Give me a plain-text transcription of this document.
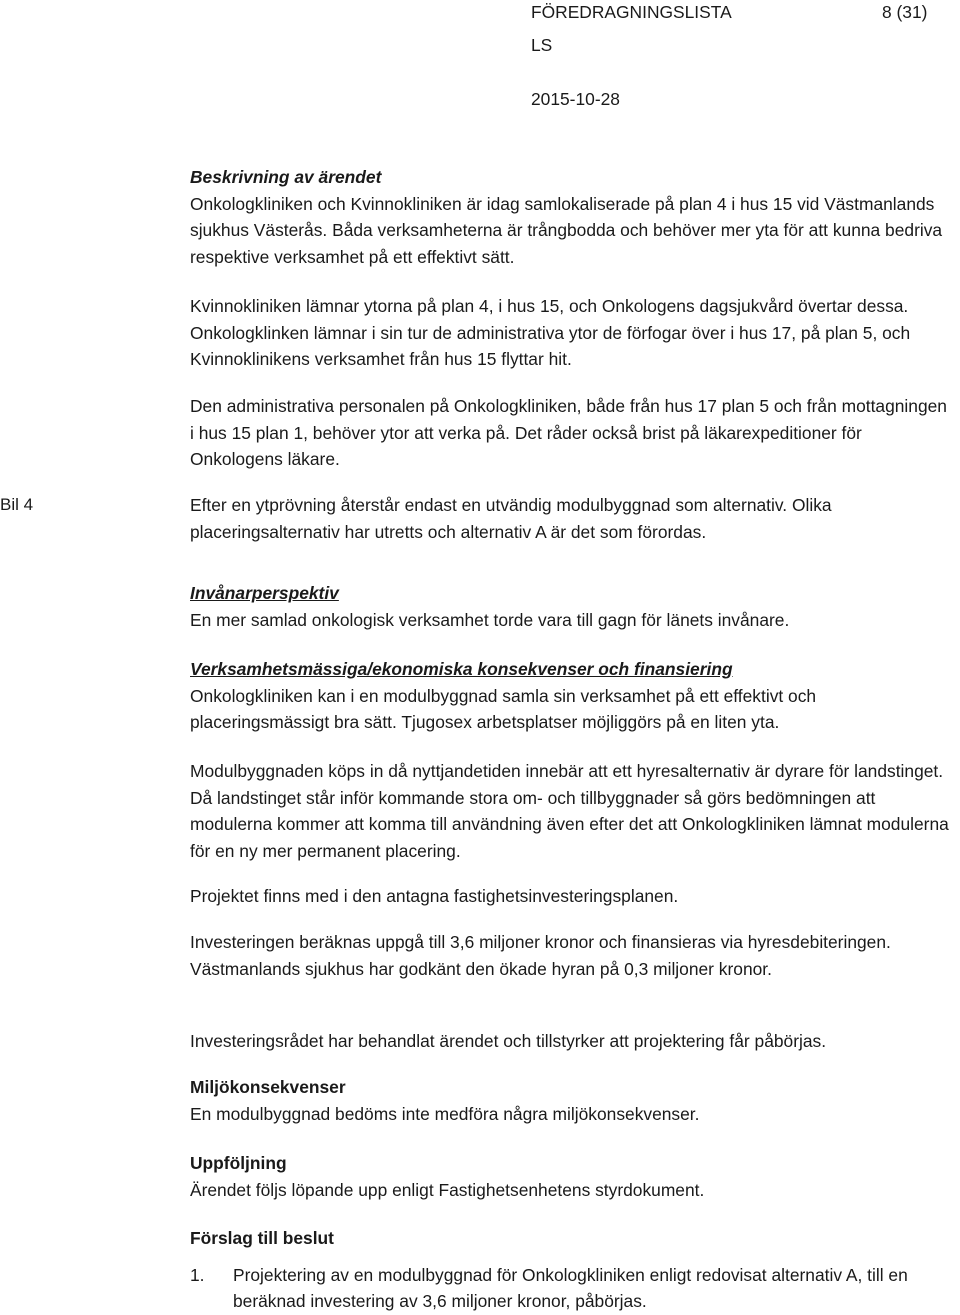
FÖREDRAGNINGSLISTA	8 (31)
LS
2015-10-28
Bil 4

Beskrivning av ärendet

Onkologkliniken och Kvinnokliniken är idag samlokaliserade på plan 4 i hus 15 vid Västmanlands sjukhus Västerås. Båda verksamheterna är trångbodda och behöver mer yta för att kunna bedriva respektive verksamhet på ett effektivt sätt.

Kvinnokliniken lämnar ytorna på plan 4, i hus 15, och Onkologens dagsjukvård övertar dessa. Onkologklinken lämnar i sin tur de administrativa ytor de förfogar över i hus 17, på plan 5, och Kvinnoklinikens verksamhet från hus 15 flyttar hit.

Den administrativa personalen på Onkologkliniken, både från hus 17 plan 5 och från mottagningen i hus 15 plan 1, behöver ytor att verka på. Det råder också brist på läkarexpeditioner för Onkologens läkare.

Efter en ytprövning återstår endast en utvändig modulbyggnad som alternativ. Olika placeringsalternativ har utretts och alternativ A är det som förordas.

Invånarperspektiv

En mer samlad onkologisk verksamhet torde vara till gagn för länets invånare.

Verksamhetsmässiga/ekonomiska konsekvenser och finansiering

Onkologkliniken kan i en modulbyggnad samla sin verksamhet på ett effektivt och placeringsmässigt bra sätt. Tjugosex arbetsplatser möjliggörs på en liten yta.

Modulbyggnaden köps in då nyttjandetiden innebär att ett hyresalternativ är dyrare för landstinget. Då landstinget står inför kommande stora om- och tillbyggnader så görs bedömningen att modulerna kommer att komma till användning även efter det att Onkologkliniken lämnat modulerna för en ny mer permanent placering.

Projektet finns med i den antagna fastighetsinvesteringsplanen.

Investeringen beräknas uppgå till 3,6 miljoner kronor och finansieras via hyresdebiteringen. Västmanlands sjukhus har godkänt den ökade hyran på 0,3 miljoner kronor.

Investeringsrådet har behandlat ärendet och tillstyrker att projektering får påbörjas.

Miljökonsekvenser

En modulbyggnad bedöms inte medföra några miljökonsekvenser.

Uppföljning

Ärendet följs löpande upp enligt Fastighetsenhetens styrdokument.

Förslag till beslut

1. Projektering av en modulbyggnad för Onkologkliniken enligt redovisat alternativ A, till en beräknad investering av 3,6 miljoner kronor, påbörjas.
